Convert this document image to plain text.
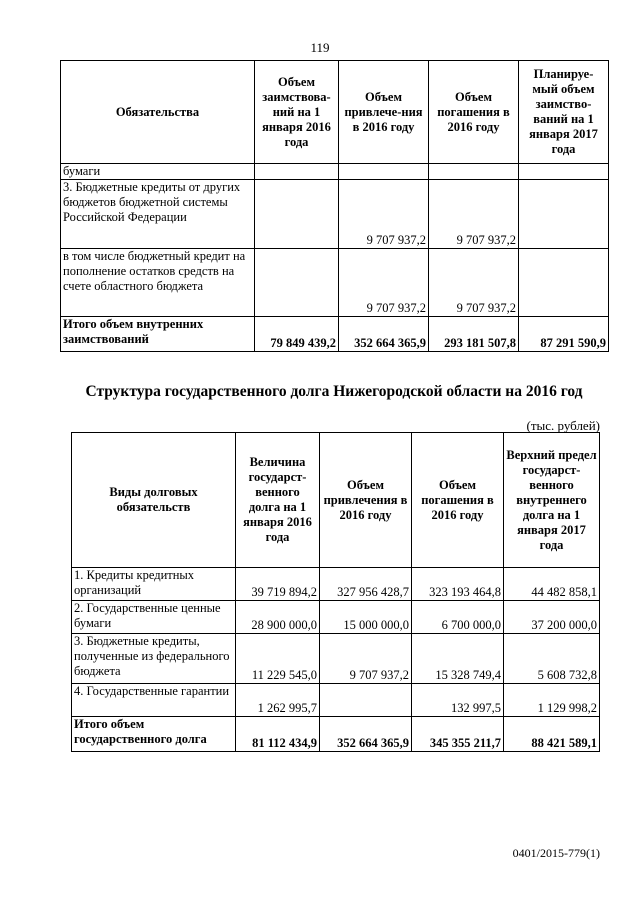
119
Обязательства	Объем заимствова-ний на 1 января 2016 года	Объем привлече-ния в 2016 году	Объем погашения в 2016 году	Планируе-мый объем заимство-ваний на 1 января 2017 года
бумаги				
3. Бюджетные кредиты от других бюджетов бюджетной системы Российской Федерации		9 707 937,2	9 707 937,2	
в том числе бюджетный кредит на пополнение остатков средств на счете областного бюджета		9 707 937,2	9 707 937,2	
Итого объем внутренних заимствований	79 849 439,2	352 664 365,9	293 181 507,8	87 291 590,9
Структура государственного долга Нижегородской области на 2016 год
(тыс. рублей)
Виды долговых обязательств	Величина государст-венного долга на 1 января 2016 года	Объем привлечения в 2016 году	Объем погашения в 2016 году	Верхний предел государст-венного внутреннего долга на 1 января 2017 года
1. Кредиты кредитных организаций	39 719 894,2	327 956 428,7	323 193 464,8	44 482 858,1
2. Государственные ценные бумаги	28 900 000,0	15 000 000,0	6 700 000,0	37 200 000,0
3. Бюджетные кредиты, полученные из федерального бюджета	11 229 545,0	9 707 937,2	15 328 749,4	5 608 732,8
4. Государственные гарантии	1 262 995,7		132 997,5	1 129 998,2
Итого объем государственного долга	81 112 434,9	352 664 365,9	345 355 211,7	88 421 589,1
0401/2015-779(1)
